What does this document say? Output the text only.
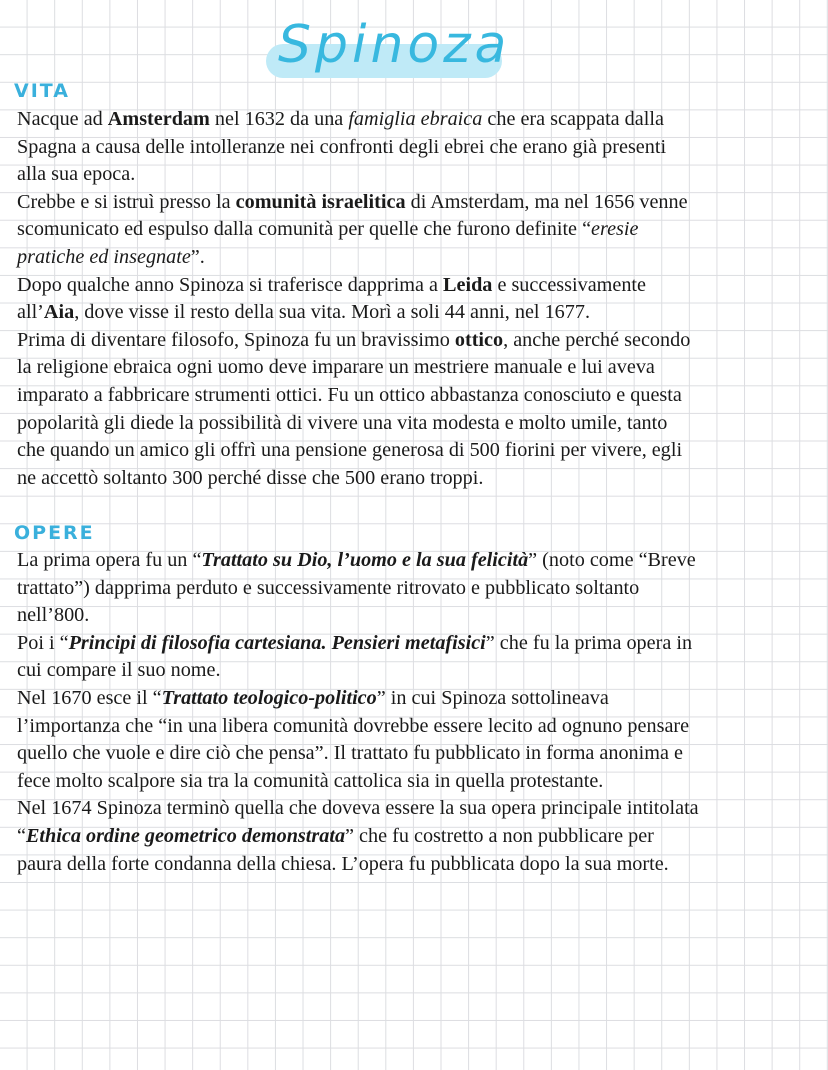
Spinoza
VITA
Nacque ad Amsterdam nel 1632 da una famiglia ebraica che era scappata dalla
Spagna a causa delle intolleranze nei confronti degli ebrei che erano già presenti
alla sua epoca.
Crebbe e si istruì presso la comunità israelitica di Amsterdam, ma nel 1656 venne
scomunicato ed espulso dalla comunità per quelle che furono definite “eresie
pratiche ed insegnate”.
Dopo qualche anno Spinoza si traferisce dapprima a Leida e successivamente
all’Aia, dove visse il resto della sua vita. Morì a soli 44 anni, nel 1677.
Prima di diventare filosofo, Spinoza fu un bravissimo ottico, anche perché secondo
la religione ebraica ogni uomo deve imparare un mestriere manuale e lui aveva
imparato a fabbricare strumenti ottici. Fu un ottico abbastanza conosciuto e questa
popolarità gli diede la possibilità di vivere una vita modesta e molto umile, tanto
che quando un amico gli offrì una pensione generosa di 500 fiorini per vivere, egli
ne accettò soltanto 300 perché disse che 500 erano troppi.
OPERE
La prima opera fu un “Trattato su Dio, l’uomo e la sua felicità” (noto come “Breve
trattato”) dapprima perduto e successivamente ritrovato e pubblicato soltanto
nell’800.
Poi i “Principi di filosofia cartesiana. Pensieri metafisici” che fu la prima opera in
cui compare il suo nome.
Nel 1670 esce il “Trattato teologico-politico” in cui Spinoza sottolineava
l’importanza che “in una libera comunità dovrebbe essere lecito ad ognuno pensare
quello che vuole e dire ciò che pensa”. Il trattato fu pubblicato in forma anonima e
fece molto scalpore sia tra la comunità cattolica sia in quella protestante.
Nel 1674 Spinoza terminò quella che doveva essere la sua opera principale intitolata
“Ethica ordine geometrico demonstrata” che fu costretto a non pubblicare per
paura della forte condanna della chiesa. L’opera fu pubblicata dopo la sua morte.
